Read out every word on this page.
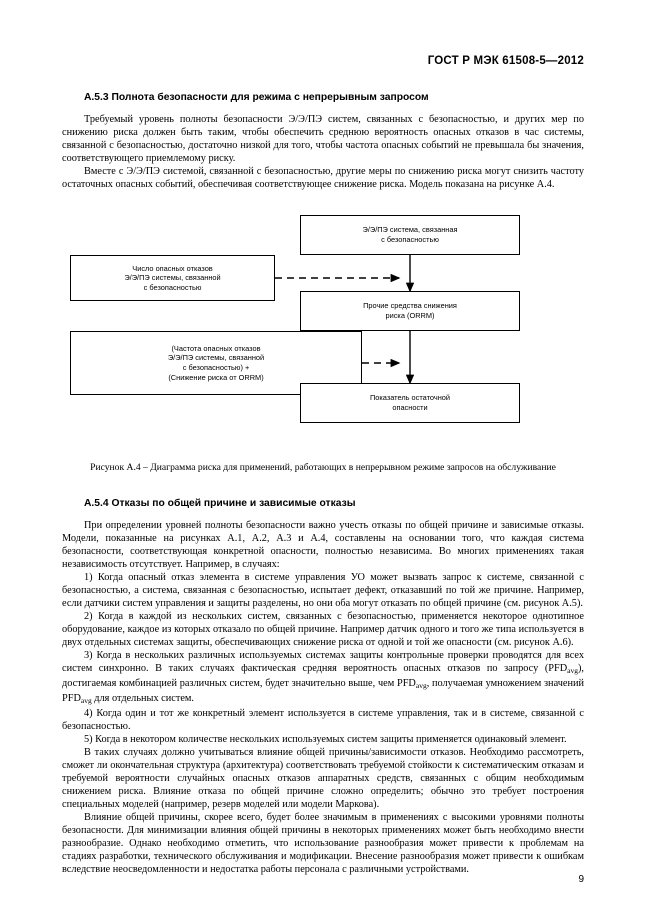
ГОСТ Р МЭК 61508-5—2012
А.5.3 Полнота безопасности для режима с непрерывным запросом

Требуемый уровень полноты безопасности Э/Э/ПЭ систем, связанных с безопасностью, и других мер по снижению риска должен быть таким, чтобы обеспечить среднюю вероятность опасных отказов в час системы, связанной с безопасностью, достаточно низкой для того, чтобы частота опасных событий не превышала бы значения, соответствующего приемлемому риску.

Вместе с Э/Э/ПЭ системой, связанной с безопасностью, другие меры по снижению риска могут снизить частоту остаточных опасных событий, обеспечивая соответствующее снижение риска. Модель показана на рисунке А.4.

Э/Э/ПЭ система, связанная
с безопасностью
Число опасных отказов
Э/Э/ПЭ системы, связанной
с безопасностью
Прочие средства снижения
риска (ORRM)
(Частота опасных отказов
Э/Э/ПЭ системы, связанной
с безопасностью) +
(Снижение риска от ORRM)
Показатель остаточной
опасности
Рисунок А.4 – Диаграмма риска для применений, работающих в непрерывном режиме запросов на обслуживание
А.5.4 Отказы по общей причине и зависимые отказы

При определении уровней полноты безопасности важно учесть отказы по общей причине и зависимые отказы. Модели, показанные на рисунках А.1, А.2, А.3 и А.4, составлены на основании того, что каждая система безопасности, соответствующая конкретной опасности, полностью независима. Во многих применениях такая независимость отсутствует. Например, в случаях:

1) Когда опасный отказ элемента в системе управления УО может вызвать запрос к системе, связанной с безопасностью, а система, связанная с безопасностью, испытает дефект, отказавший по той же причине. Например, если датчики систем управления и защиты разделены, но они оба могут отказать по общей причине (см. рисунок А.5).

2) Когда в каждой из нескольких систем, связанных с безопасностью, применяется некоторое однотипное оборудование, каждое из которых отказало по общей причине. Например датчик одного и того же типа используется в двух отдельных системах защиты, обеспечивающих снижение риска от одной и той же опасности (см. рисунок А.6).

3) Когда в нескольких различных используемых системах защиты контрольные проверки проводятся для всех систем синхронно. В таких случаях фактическая средняя вероятность опасных отказов по запросу $(PFD_{avg})$, достигаемая комбинацией различных систем, будет значительно выше, чем $PFD_{avg}$, получаемая умножением значений $PFD_{avg}$ для отдельных систем.

4) Когда один и тот же конкретный элемент используется в системе управления, так и в системе, связанной с безопасностью.

5) Когда в некотором количестве нескольких используемых систем защиты применяется одинаковый элемент.

В таких случаях должно учитываться влияние общей причины/зависимости отказов. Необходимо рассмотреть, сможет ли окончательная структура (архитектура) соответствовать требуемой стойкости к систематическим отказам и требуемой вероятности случайных опасных отказов аппаратных средств, связанных с общим необходимым снижением риска. Влияние отказа по общей причине сложно определить; обычно это требует построения специальных моделей (например, резерв моделей или модели Маркова).

Влияние общей причины, скорее всего, будет более значимым в применениях с высокими уровнями полноты безопасности. Для минимизации влияния общей причины в некоторых применениях может быть необходимо внести разнообразие. Однако необходимо отметить, что использование разнообразия может привести к проблемам на стадиях разработки, технического обслуживания и модификации. Внесение разнообразия может привести к ошибкам вследствие неосведомленности и недостатка работы персонала с различными устройствами.

9
